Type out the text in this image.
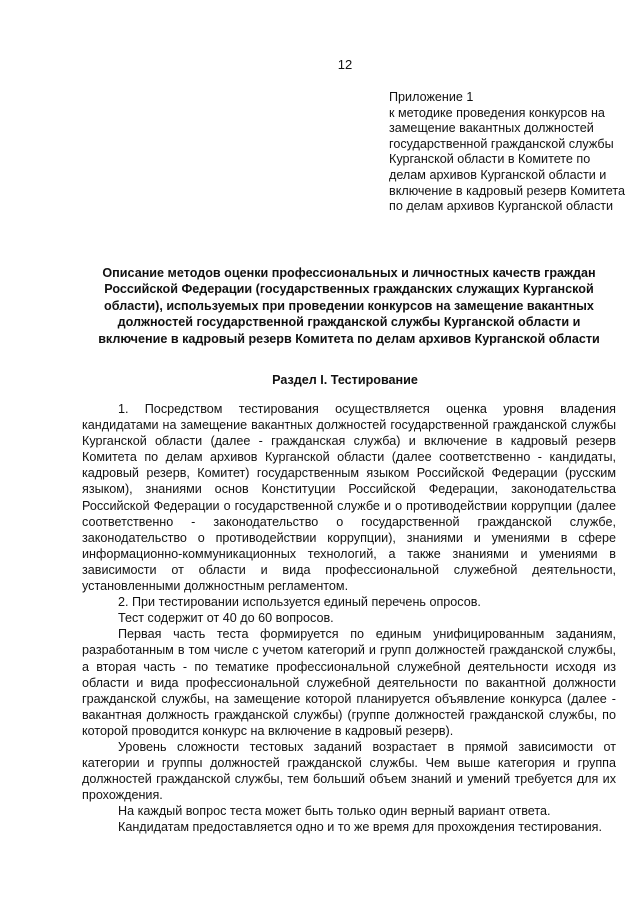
12
Приложение 1
к методике проведения конкурсов на замещение вакантных должностей государственной гражданской службы Курганской области в Комитете по делам архивов Курганской области и включение в кадровый резерв Комитета по делам архивов Курганской области
Описание методов оценки профессиональных и личностных качеств граждан Российской Федерации (государственных гражданских служащих Курганской области), используемых при проведении конкурсов на замещение вакантных должностей государственной гражданской службы Курганской области и включение в кадровый резерв Комитета по делам архивов Курганской области
Раздел I. Тестирование

1. Посредством тестирования осуществляется оценка уровня владения кандидатами на замещение вакантных должностей государственной гражданской службы Курганской области (далее - гражданская служба) и включение в кадровый резерв Комитета по делам архивов Курганской области (далее соответственно - кандидаты, кадровый резерв, Комитет) государственным языком Российской Федерации (русским языком), знаниями основ Конституции Российской Федерации, законодательства Российской Федерации о государственной службе и о противодействии коррупции (далее соответственно - законодательство о государственной гражданской службе, законодательство о противодействии коррупции), знаниями и умениями в сфере информационно-коммуникационных технологий, а также знаниями и умениями в зависимости от области и вида профессиональной служебной деятельности, установленными должностным регламентом.

2. При тестировании используется единый перечень опросов.

Тест содержит от 40 до 60 вопросов.

Первая часть теста формируется по единым унифицированным заданиям, разработанным в том числе с учетом категорий и групп должностей гражданской службы, а вторая часть - по тематике профессиональной служебной деятельности исходя из области и вида профессиональной служебной деятельности по вакантной должности гражданской службы, на замещение которой планируется объявление конкурса (далее - вакантная должность гражданской службы) (группе должностей гражданской службы, по которой проводится конкурс на включение в кадровый резерв).

Уровень сложности тестовых заданий возрастает в прямой зависимости от категории и группы должностей гражданской службы. Чем выше категория и группа должностей гражданской службы, тем больший объем знаний и умений требуется для их прохождения.

На каждый вопрос теста может быть только один верный вариант ответа.

Кандидатам предоставляется одно и то же время для прохождения тестирования.
